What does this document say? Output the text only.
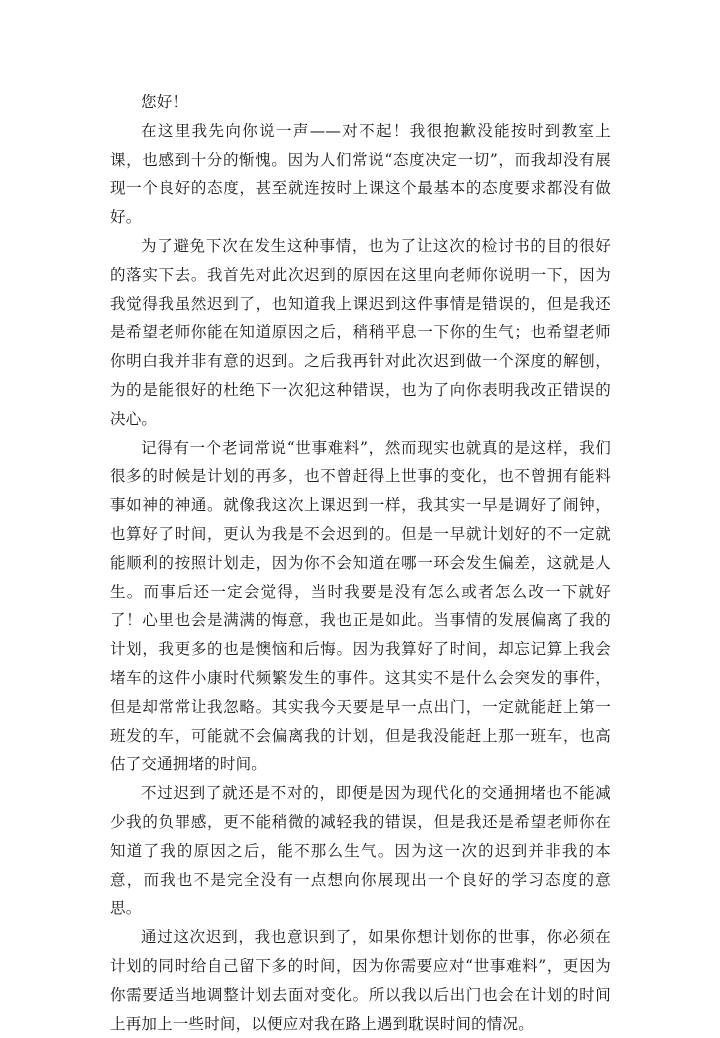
您好！

在这里我先向你说一声——对不起！我很抱歉没能按时到教室上课，也感到十分的惭愧。因为人们常说“态度决定一切”，而我却没有展现一个良好的态度，甚至就连按时上课这个最基本的态度要求都没有做好。

为了避免下次在发生这种事情，也为了让这次的检讨书的目的很好的落实下去。我首先对此次迟到的原因在这里向老师你说明一下，因为我觉得我虽然迟到了，也知道我上课迟到这件事情是错误的，但是我还是希望老师你能在知道原因之后，稍稍平息一下你的生气；也希望老师你明白我并非有意的迟到。之后我再针对此次迟到做一个深度的解刨，为的是能很好的杜绝下一次犯这种错误，也为了向你表明我改正错误的决心。

记得有一个老词常说“世事难料”，然而现实也就真的是这样，我们很多的时候是计划的再多，也不曾赶得上世事的变化，也不曾拥有能料事如神的神通。就像我这次上课迟到一样，我其实一早是调好了闹钟，也算好了时间，更认为我是不会迟到的。但是一早就计划好的不一定就能顺利的按照计划走，因为你不会知道在哪一环会发生偏差，这就是人生。而事后还一定会觉得，当时我要是没有怎么或者怎么改一下就好了！心里也会是满满的悔意，我也正是如此。当事情的发展偏离了我的计划，我更多的也是懊恼和后悔。因为我算好了时间，却忘记算上我会堵车的这件小康时代频繁发生的事件。这其实不是什么会突发的事件，但是却常常让我忽略。其实我今天要是早一点出门，一定就能赶上第一班发的车，可能就不会偏离我的计划，但是我没能赶上那一班车，也高估了交通拥堵的时间。

不过迟到了就还是不对的，即便是因为现代化的交通拥堵也不能减少我的负罪感，更不能稍微的减轻我的错误，但是我还是希望老师你在知道了我的原因之后，能不那么生气。因为这一次的迟到并非我的本意，而我也不是完全没有一点想向你展现出一个良好的学习态度的意思。

通过这次迟到，我也意识到了，如果你想计划你的世事，你必须在计划的同时给自己留下多的时间，因为你需要应对“世事难料”，更因为你需要适当地调整计划去面对变化。所以我以后出门也会在计划的时间上再加上一些时间，以便应对我在路上遇到耽误时间的情况。
